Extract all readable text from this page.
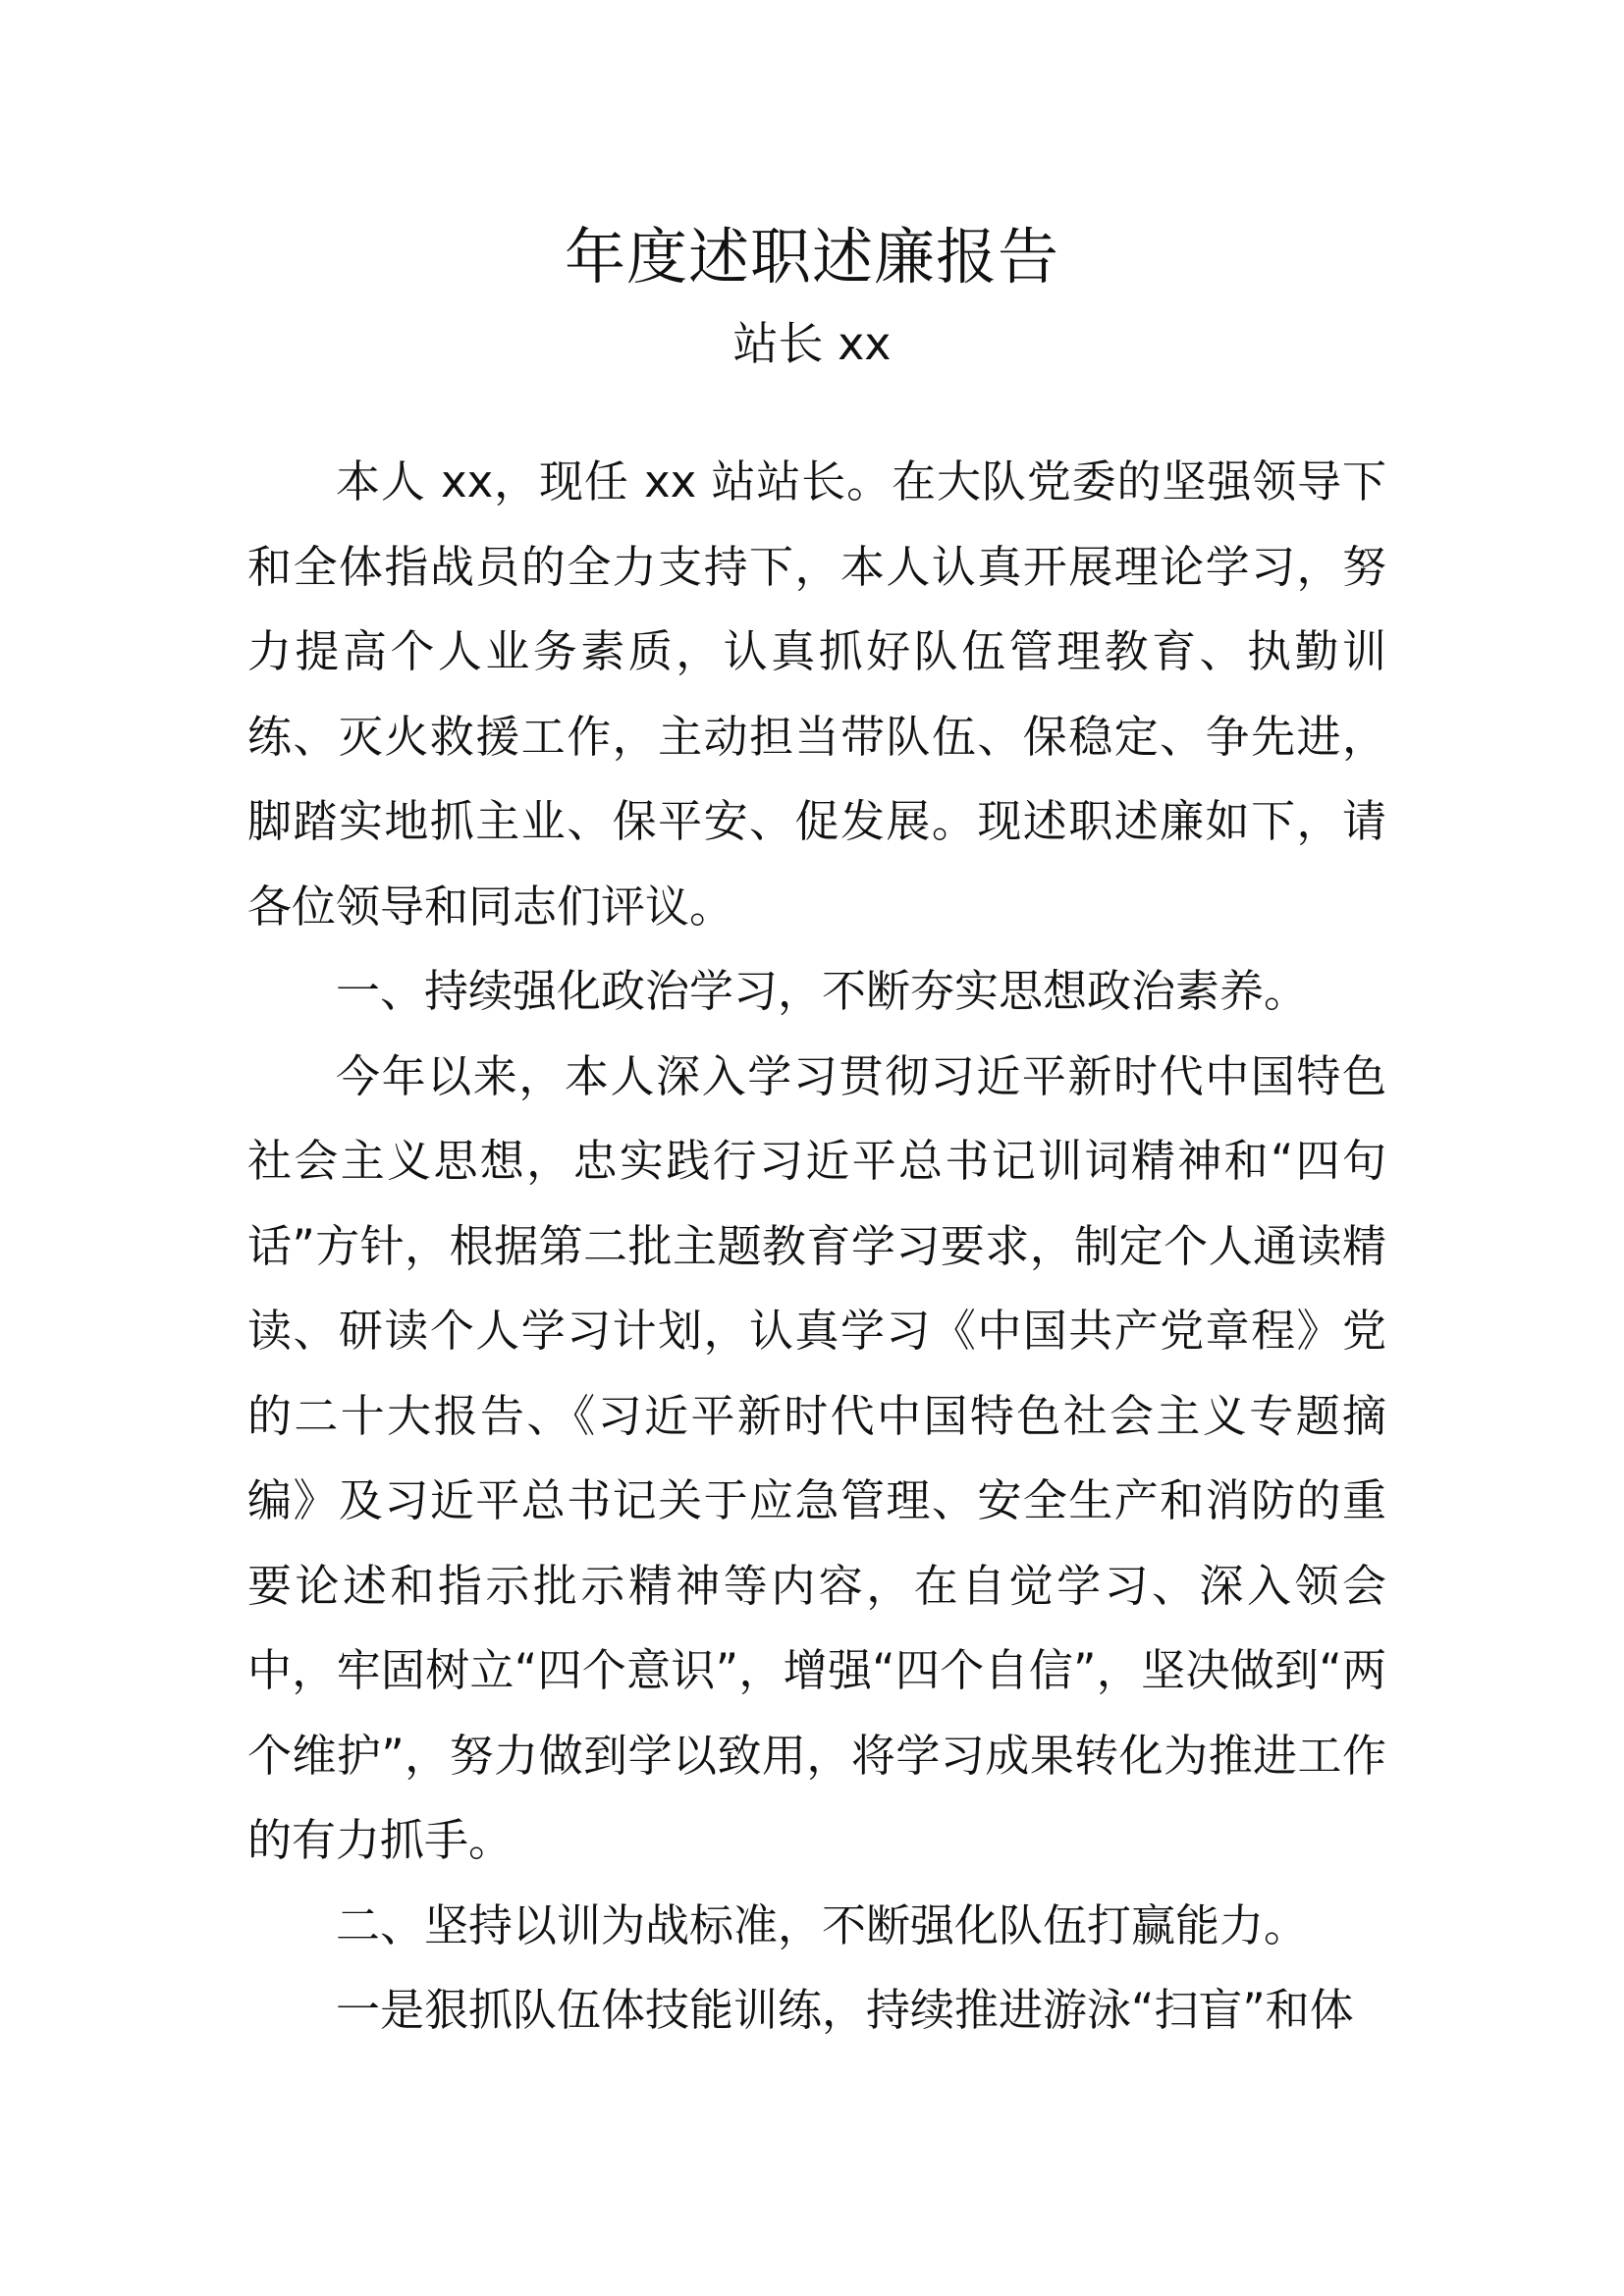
年度述职述廉报告
站长 xx

本人 xx，现任 xx 站站长。在大队党委的坚强领导下和全体指战员的全力支持下，本人认真开展理论学习，努力提高个人业务素质，认真抓好队伍管理教育、执勤训练、灭火救援工作，主动担当带队伍、保稳定、争先进，脚踏实地抓主业、保平安、促发展。现述职述廉如下，请各位领导和同志们评议。

一、持续强化政治学习，不断夯实思想政治素养。

今年以来，本人深入学习贯彻习近平新时代中国特色社会主义思想，忠实践行习近平总书记训词精神和“四句话”方针，根据第二批主题教育学习要求，制定个人通读精读、研读个人学习计划，认真学习《中国共产党章程》党的二十大报告、《习近平新时代中国特色社会主义专题摘编》及习近平总书记关于应急管理、安全生产和消防的重要论述和指示批示精神等内容，在自觉学习、深入领会中，牢固树立“四个意识”，增强“四个自信”，坚决做到“两个维护”，努力做到学以致用，将学习成果转化为推进工作的有力抓手。

二、坚持以训为战标准，不断强化队伍打赢能力。

一是狠抓队伍体技能训练，持续推进游泳“扫盲”和体
